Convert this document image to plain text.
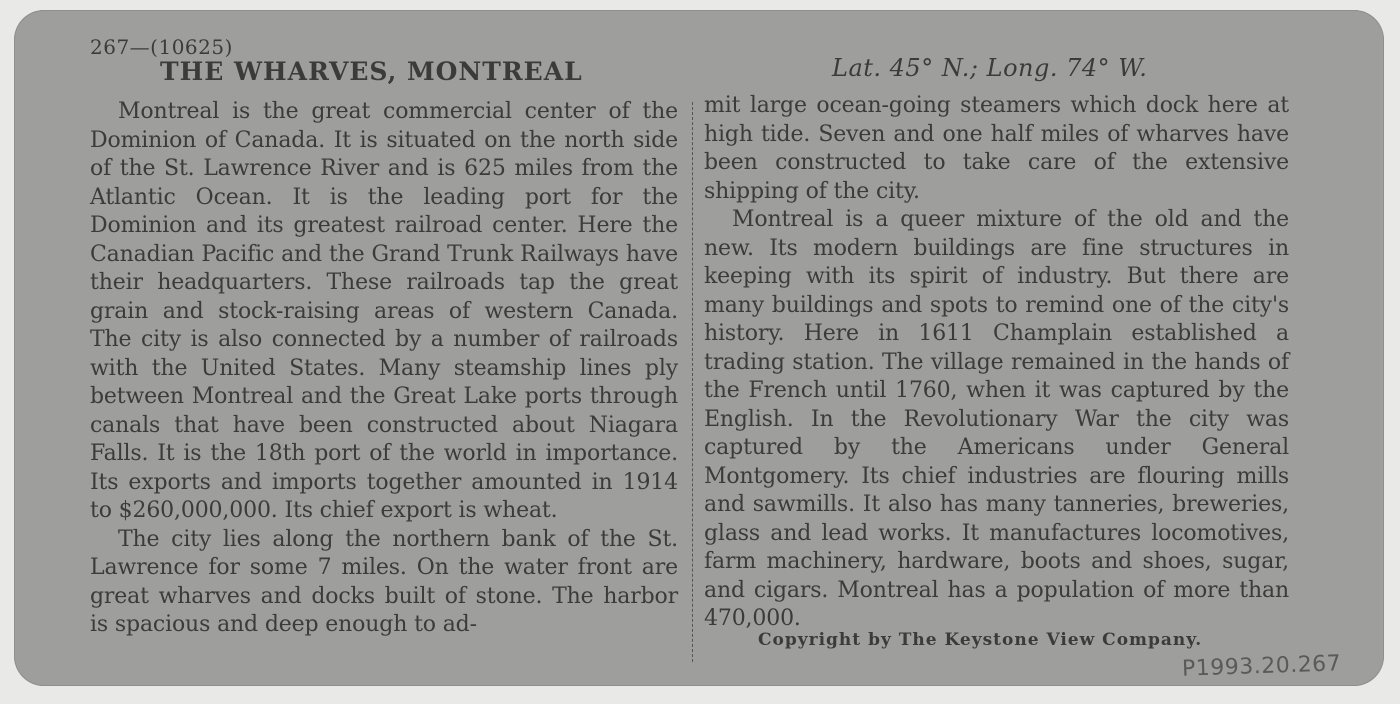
267—(10625)
THE WHARVES, MONTREAL	Lat. 45° N.; Long. 74° W.

Montreal is the great commercial center of the Dominion of Canada. It is situated on the north side of the St. Lawrence River and is 625 miles from the Atlantic Ocean. It is the leading port for the Dominion and its greatest railroad center. Here the Canadian Pacific and the Grand Trunk Railways have their headquarters. These railroads tap the great grain and stock-raising areas of western Canada. The city is also connected by a number of railroads with the United States. Many steamship lines ply between Montreal and the Great Lake ports through canals that have been constructed about Niagara Falls. It is the 18th port of the world in importance. Its exports and imports together amounted in 1914 to $260,000,000. Its chief export is wheat.

The city lies along the northern bank of the St. Lawrence for some 7 miles. On the water front are great wharves and docks built of stone. The harbor is spacious and deep enough to ad-

mit large ocean-going steamers which dock here at high tide. Seven and one half miles of wharves have been constructed to take care of the extensive shipping of the city.

Montreal is a queer mixture of the old and the new. Its modern buildings are fine structures in keeping with its spirit of industry. But there are many buildings and spots to remind one of the city's history. Here in 1611 Champlain established a trading station. The village remained in the hands of the French until 1760, when it was captured by the English. In the Revolutionary War the city was captured by the Americans under General Montgomery. Its chief industries are flouring mills and sawmills. It also has many tanneries, breweries, glass and lead works. It manufactures locomotives, farm machinery, hardware, boots and shoes, sugar, and cigars. Montreal has a population of more than 470,000.

Copyright by The Keystone View Company.
P1993.20.267
